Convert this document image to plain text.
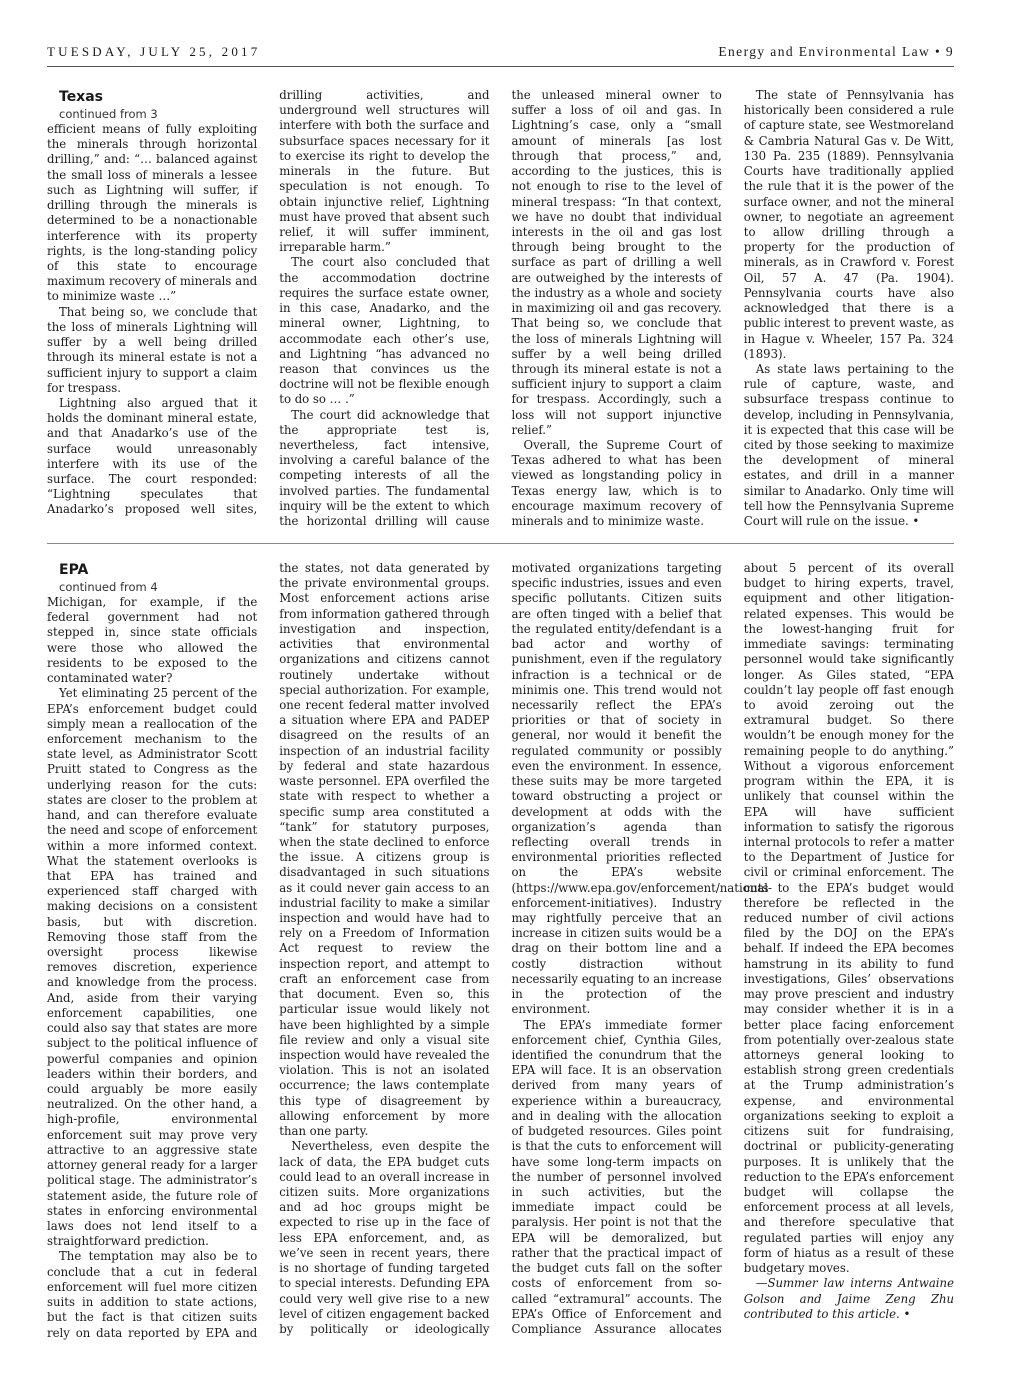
TUESDAY, JULY 25, 2017	Energy and Environmental Law • 9

Texas

continued from 3

efficient means of fully exploiting the minerals through horizontal drilling,” and: “… balanced against the small loss of minerals a lessee such as Lightning will suffer, if drilling through the minerals is determined to be a nonactionable interference with its property rights, is the long-standing policy of this state to encourage maximum recovery of minerals and to minimize waste …”

That being so, we conclude that the loss of minerals Lightning will suffer by a well being drilled through its mineral estate is not a sufficient injury to support a claim for trespass.

Lightning also argued that it holds the dominant mineral estate, and that Anadarko’s use of the surface would unreasonably interfere with its use of the surface. The court responded: “Lightning speculates that Anadarko’s proposed well sites, drilling activities, and underground well structures will interfere with both the surface and subsurface spaces necessary for it to exercise its right to develop the minerals in the future. But speculation is not enough. To obtain injunctive relief, Lightning must have proved that absent such relief, it will suffer imminent, irreparable harm.”

The court also concluded that the accommodation doctrine requires the surface estate owner, in this case, Anadarko, and the mineral owner, Lightning, to accommodate each other’s use, and Lightning “has advanced no reason that convinces us the doctrine will not be flexible enough to do so … .”

The court did acknowledge that the appropriate test is, nevertheless, fact intensive, involving a careful balance of the competing interests of all the involved parties. The fundamental inquiry will be the extent to which the horizontal drilling will cause the unleased mineral owner to suffer a loss of oil and gas. In Lightning’s case, only a “small amount of minerals [as lost through that process,” and, according to the justices, this is not enough to rise to the level of mineral trespass: “In that context, we have no doubt that individual interests in the oil and gas lost through being brought to the surface as part of drilling a well are outweighed by the interests of the industry as a whole and society in maximizing oil and gas recovery. That being so, we conclude that the loss of minerals Lightning will suffer by a well being drilled through its mineral estate is not a sufficient injury to support a claim for trespass. Accordingly, such a loss will not support injunctive relief.”

Overall, the Supreme Court of Texas adhered to what has been viewed as longstanding policy in Texas energy law, which is to encourage maximum recovery of minerals and to minimize waste.

The state of Pennsylvania has historically been considered a rule of capture state, see Westmoreland & Cambria Natural Gas v. De Witt, 130 Pa. 235 (1889). Pennsylvania Courts have traditionally applied the rule that it is the power of the surface owner, and not the mineral owner, to negotiate an agreement to allow drilling through a property for the production of minerals, as in Crawford v. Forest Oil, 57 A. 47 (Pa. 1904). Pennsylvania courts have also acknowledged that there is a public interest to prevent waste, as in Hague v. Wheeler, 157 Pa. 324 (1893).

As state laws pertaining to the rule of capture, waste, and subsurface trespass continue to develop, including in Pennsylvania, it is expected that this case will be cited by those seeking to maximize the development of mineral estates, and drill in a manner similar to Anadarko. Only time will tell how the Pennsylvania Supreme Court will rule on the issue. •

EPA

continued from 4

Michigan, for example, if the federal government had not stepped in, since state officials were those who allowed the residents to be exposed to the contaminated water?

Yet eliminating 25 percent of the EPA’s enforcement budget could simply mean a reallocation of the enforcement mechanism to the state level, as Administrator Scott Pruitt stated to Congress as the underlying reason for the cuts: states are closer to the problem at hand, and can therefore evaluate the need and scope of enforcement within a more informed context. What the statement overlooks is that EPA has trained and experienced staff charged with making decisions on a consistent basis, but with discretion. Removing those staff from the oversight process likewise removes discretion, experience and knowledge from the process. And, aside from their varying enforcement capabilities, one could also say that states are more subject to the political influence of powerful companies and opinion leaders within their borders, and could arguably be more easily neutralized. On the other hand, a high-profile, environmental enforcement suit may prove very attractive to an aggressive state attorney general ready for a larger political stage. The administrator’s statement aside, the future role of states in enforcing environmental laws does not lend itself to a straightforward prediction.

The temptation may also be to conclude that a cut in federal enforcement will fuel more citizen suits in addition to state actions, but the fact is that citizen suits rely on data reported by EPA and the states, not data generated by the private environmental groups. Most enforcement actions arise from information gathered through investigation and inspection, activities that environmental organizations and citizens cannot routinely undertake without special authorization. For example, one recent federal matter involved a situation where EPA and PADEP disagreed on the results of an inspection of an industrial facility by federal and state hazardous waste personnel. EPA overfiled the state with respect to whether a specific sump area constituted a “tank” for statutory purposes, when the state declined to enforce the issue. A citizens group is disadvantaged in such situations as it could never gain access to an industrial facility to make a similar inspection and would have had to rely on a Freedom of Information Act request to review the inspection report, and attempt to craft an enforcement case from that document. Even so, this particular issue would likely not have been highlighted by a simple file review and only a visual site inspection would have revealed the violation. This is not an isolated occurrence; the laws contemplate this type of disagreement by allowing enforcement by more than one party.

Nevertheless, even despite the lack of data, the EPA budget cuts could lead to an overall increase in citizen suits. More organizations and ad hoc groups might be expected to rise up in the face of less EPA enforcement, and, as we’ve seen in recent years, there is no shortage of funding targeted to special interests. Defunding EPA could very well give rise to a new level of citizen engagement backed by politically or ideologically motivated organizations targeting specific industries, issues and even specific pollutants. Citizen suits are often tinged with a belief that the regulated entity/defendant is a bad actor and worthy of punishment, even if the regulatory infraction is a technical or de minimis one. This trend would not necessarily reflect the EPA’s priorities or that of society in general, nor would it benefit the regulated community or possibly even the environment. In essence, these suits may be more targeted toward obstructing a project or development at odds with the organization’s agenda than reflecting overall trends in environmental priorities reflected on the EPA’s website (https://www.epa.gov/enforcement/national-enforcement-initiatives). Industry may rightfully perceive that an increase in citizen suits would be a drag on their bottom line and a costly distraction without necessarily equating to an increase in the protection of the environment.

The EPA’s immediate former enforcement chief, Cynthia Giles, identified the conundrum that the EPA will face. It is an observation derived from many years of experience within a bureaucracy, and in dealing with the allocation of budgeted resources. Giles point is that the cuts to enforcement will have some long-term impacts on the number of personnel involved in such activities, but the immediate impact could be paralysis. Her point is not that the EPA will be demoralized, but rather that the practical impact of the budget cuts fall on the softer costs of enforcement from so-called “extramural” accounts. The EPA’s Office of Enforcement and Compliance Assurance allocates about 5 percent of its overall budget to hiring experts, travel, equipment and other litigation-related expenses. This would be the lowest-hanging fruit for immediate savings: terminating personnel would take significantly longer. As Giles stated, “EPA couldn’t lay people off fast enough to avoid zeroing out the extramural budget. So there wouldn’t be enough money for the remaining people to do anything.” Without a vigorous enforcement program within the EPA, it is unlikely that counsel within the EPA will have sufficient information to satisfy the rigorous internal protocols to refer a matter to the Department of Justice for civil or criminal enforcement. The cuts to the EPA’s budget would therefore be reflected in the reduced number of civil actions filed by the DOJ on the EPA’s behalf. If indeed the EPA becomes hamstrung in its ability to fund investigations, Giles’ observations may prove prescient and industry may consider whether it is in a better place facing enforcement from potentially over-zealous state attorneys general looking to establish strong green credentials at the Trump administration’s expense, and environmental organizations seeking to exploit a citizens suit for fundraising, doctrinal or publicity-generating purposes. It is unlikely that the reduction to the EPA’s enforcement budget will collapse the enforcement process at all levels, and therefore speculative that regulated parties will enjoy any form of hiatus as a result of these budgetary moves.

—Summer law interns Antwaine Golson and Jaime Zeng Zhu contributed to this article. •
